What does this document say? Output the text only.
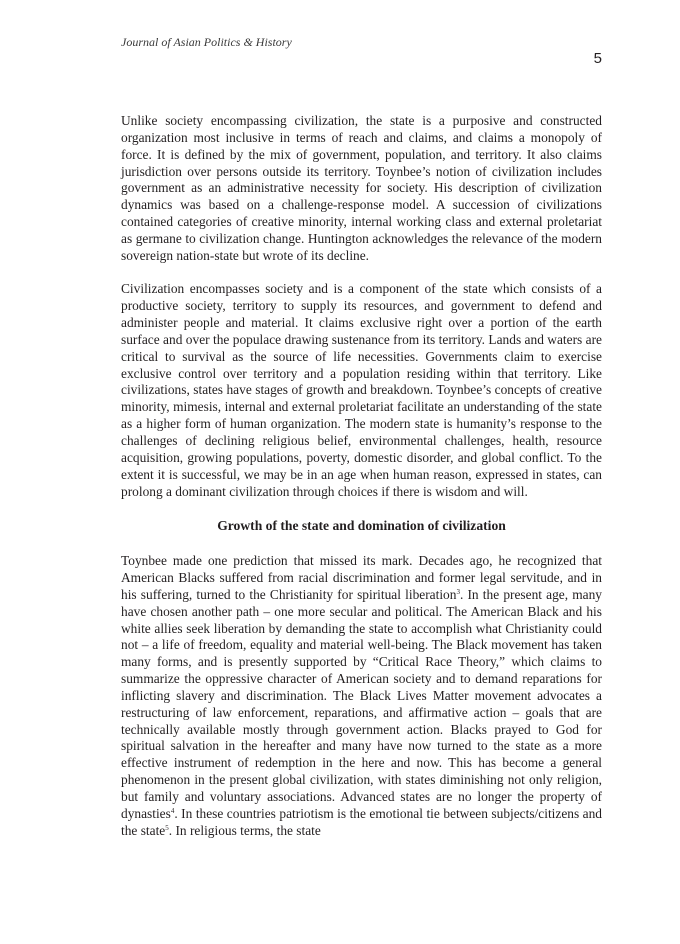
Journal of Asian Politics & History
5

Unlike society encompassing civilization, the state is a purposive and constructed organization most inclusive in terms of reach and claims, and claims a monopoly of force. It is defined by the mix of government, population, and territory. It also claims jurisdiction over persons outside its territory. Toynbee’s notion of civilization includes government as an administrative necessity for society. His description of civilization dynamics was based on a challenge-response model. A succession of civilizations contained categories of creative minority, internal working class and external proletariat as germane to civilization change. Huntington acknowledges the relevance of the modern sovereign nation-state but wrote of its decline.

Civilization encompasses society and is a component of the state which consists of a productive society, territory to supply its resources, and government to defend and administer people and material. It claims exclusive right over a portion of the earth surface and over the populace drawing sustenance from its territory. Lands and waters are critical to survival as the source of life necessities. Governments claim to exercise exclusive control over territory and a population residing within that territory. Like civilizations, states have stages of growth and breakdown. Toynbee’s concepts of creative minority, mimesis, internal and external proletariat facilitate an understanding of the state as a higher form of human organization. The modern state is humanity’s response to the challenges of declining religious belief, environmental challenges, health, resource acquisition, growing populations, poverty, domestic disorder, and global conflict. To the extent it is successful, we may be in an age when human reason, expressed in states, can prolong a dominant civilization through choices if there is wisdom and will.

Growth of the state and domination of civilization

Toynbee made one prediction that missed its mark. Decades ago, he recognized that American Blacks suffered from racial discrimination and former legal servitude, and in his suffering, turned to the Christianity for spiritual liberation$^3$. In the present age, many have chosen another path – one more secular and political. The American Black and his white allies seek liberation by demanding the state to accomplish what Christianity could not – a life of freedom, equality and material well-being. The Black movement has taken many forms, and is presently supported by “Critical Race Theory,” which claims to summarize the oppressive character of American society and to demand reparations for inflicting slavery and discrimination. The Black Lives Matter movement advocates a restructuring of law enforcement, reparations, and affirmative action – goals that are technically available mostly through government action. Blacks prayed to God for spiritual salvation in the hereafter and many have now turned to the state as a more effective instrument of redemption in the here and now. This has become a general phenomenon in the present global civilization, with states diminishing not only religion, but family and voluntary associations. Advanced states are no longer the property of dynasties$^4$. In these countries patriotism is the emotional tie between subjects/citizens and the state$^5$. In religious terms, the state
